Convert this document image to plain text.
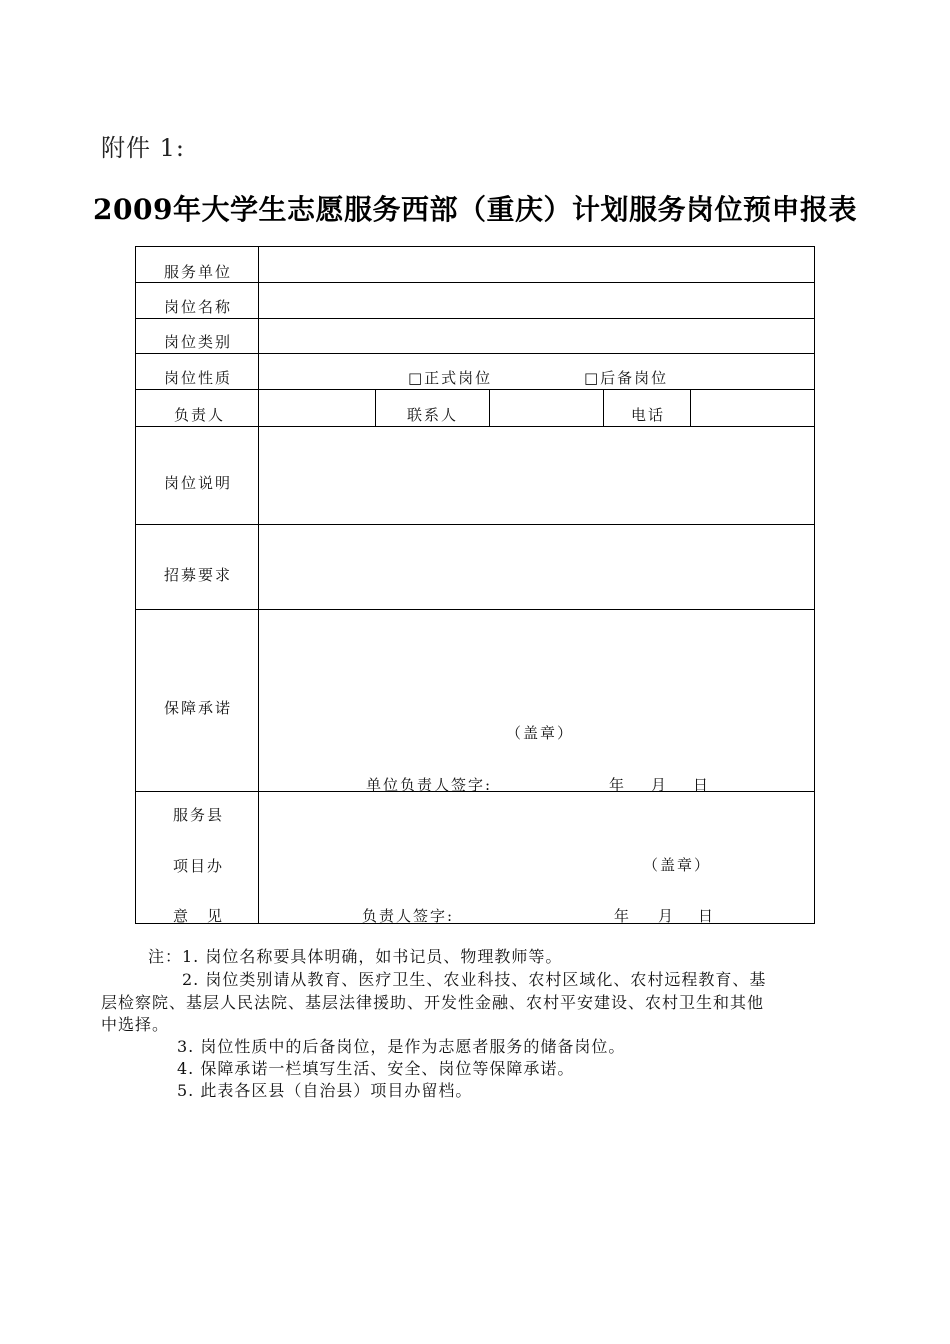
附件 1:
2009年大学生志愿服务西部（重庆）计划服务岗位预申报表
服务单位
岗位名称
岗位类别
岗位性质	□正式岗位	□后备岗位
负责人	联系人	电话
岗位说明
招募要求
保障承诺
（盖章）
单位负责人签字:	年 月 日
服务县
项目办
意　见
（盖章）
负责人签字:	年 月 日
注： 1. 岗位名称要具体明确，如书记员、物理教师等。
2. 岗位类别请从教育、医疗卫生、农业科技、农村区域化、农村远程教育、基
层检察院、基层人民法院、基层法律援助、开发性金融、农村平安建设、农村卫生和其他
中选择。
3. 岗位性质中的后备岗位，是作为志愿者服务的储备岗位。
4. 保障承诺一栏填写生活、安全、岗位等保障承诺。
5. 此表各区县（自治县）项目办留档。
